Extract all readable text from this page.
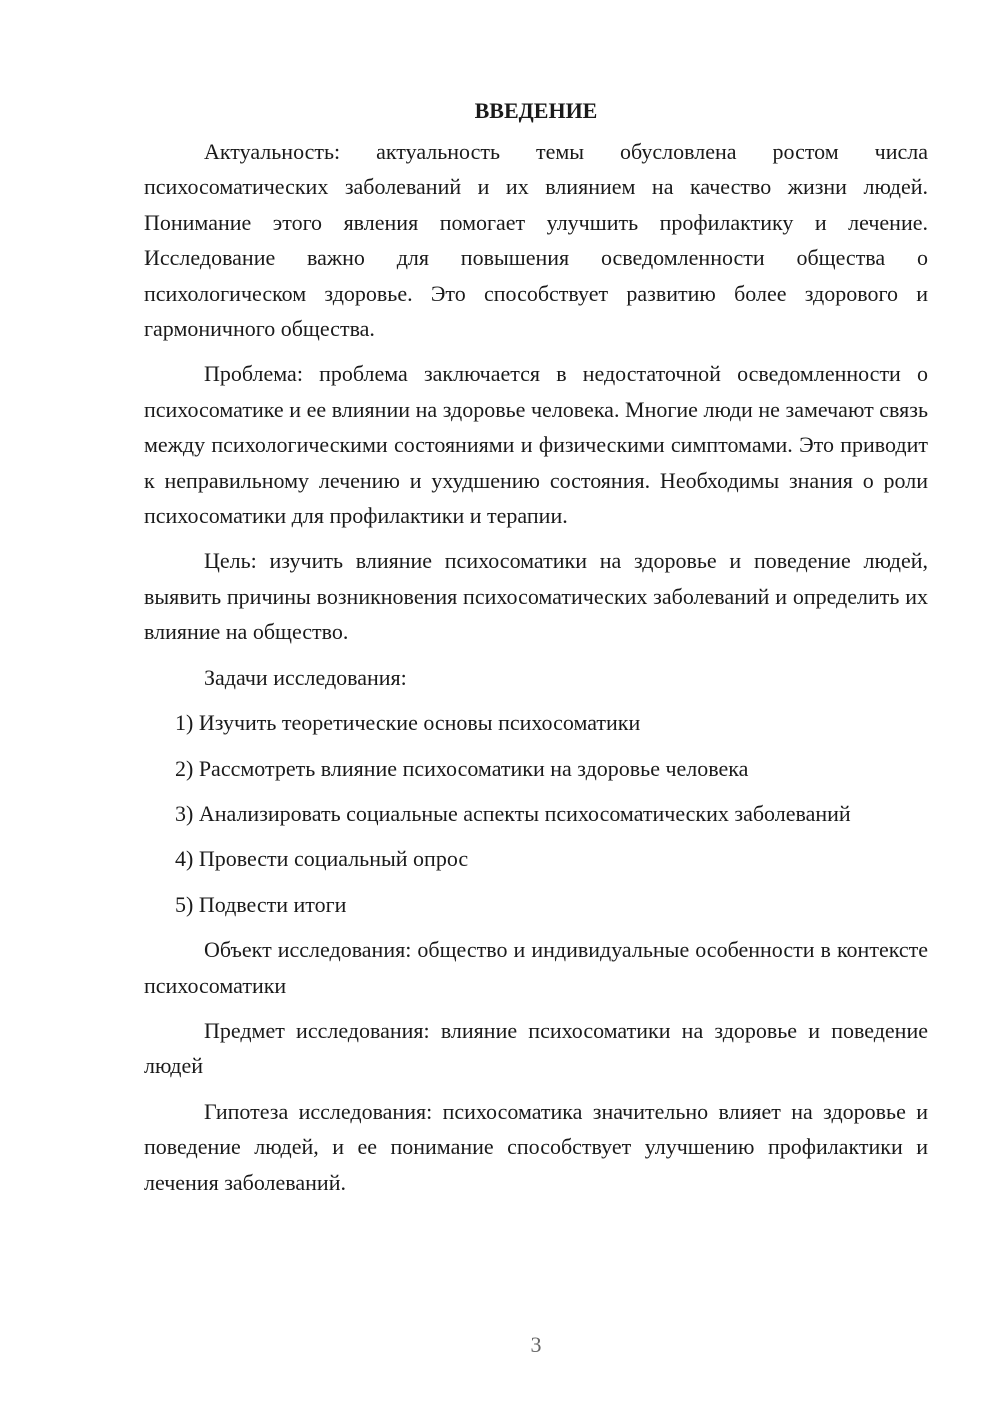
ВВЕДЕНИЕ

Актуальность: актуальность темы обусловлена ростом числа психосоматических заболеваний и их влиянием на качество жизни людей. Понимание этого явления помогает улучшить профилактику и лечение. Исследование важно для повышения осведомленности общества о психологическом здоровье. Это способствует развитию более здорового и гармоничного общества.

Проблема: проблема заключается в недостаточной осведомленности о психосоматике и ее влиянии на здоровье человека. Многие люди не замечают связь между психологическими состояниями и физическими симптомами. Это приводит к неправильному лечению и ухудшению состояния. Необходимы знания о роли психосоматики для профилактики и терапии.

Цель: изучить влияние психосоматики на здоровье и поведение людей, выявить причины возникновения психосоматических заболеваний и определить их влияние на общество.

Задачи исследования:

1) Изучить теоретические основы психосоматики

2) Рассмотреть влияние психосоматики на здоровье человека

3) Анализировать социальные аспекты психосоматических заболеваний

4) Провести социальный опрос

5) Подвести итоги

Объект исследования: общество и индивидуальные особенности в контексте психосоматики

Предмет исследования: влияние психосоматики на здоровье и поведение людей

Гипотеза исследования: психосоматика значительно влияет на здоровье и поведение людей, и ее понимание способствует улучшению профилактики и лечения заболеваний.

3
